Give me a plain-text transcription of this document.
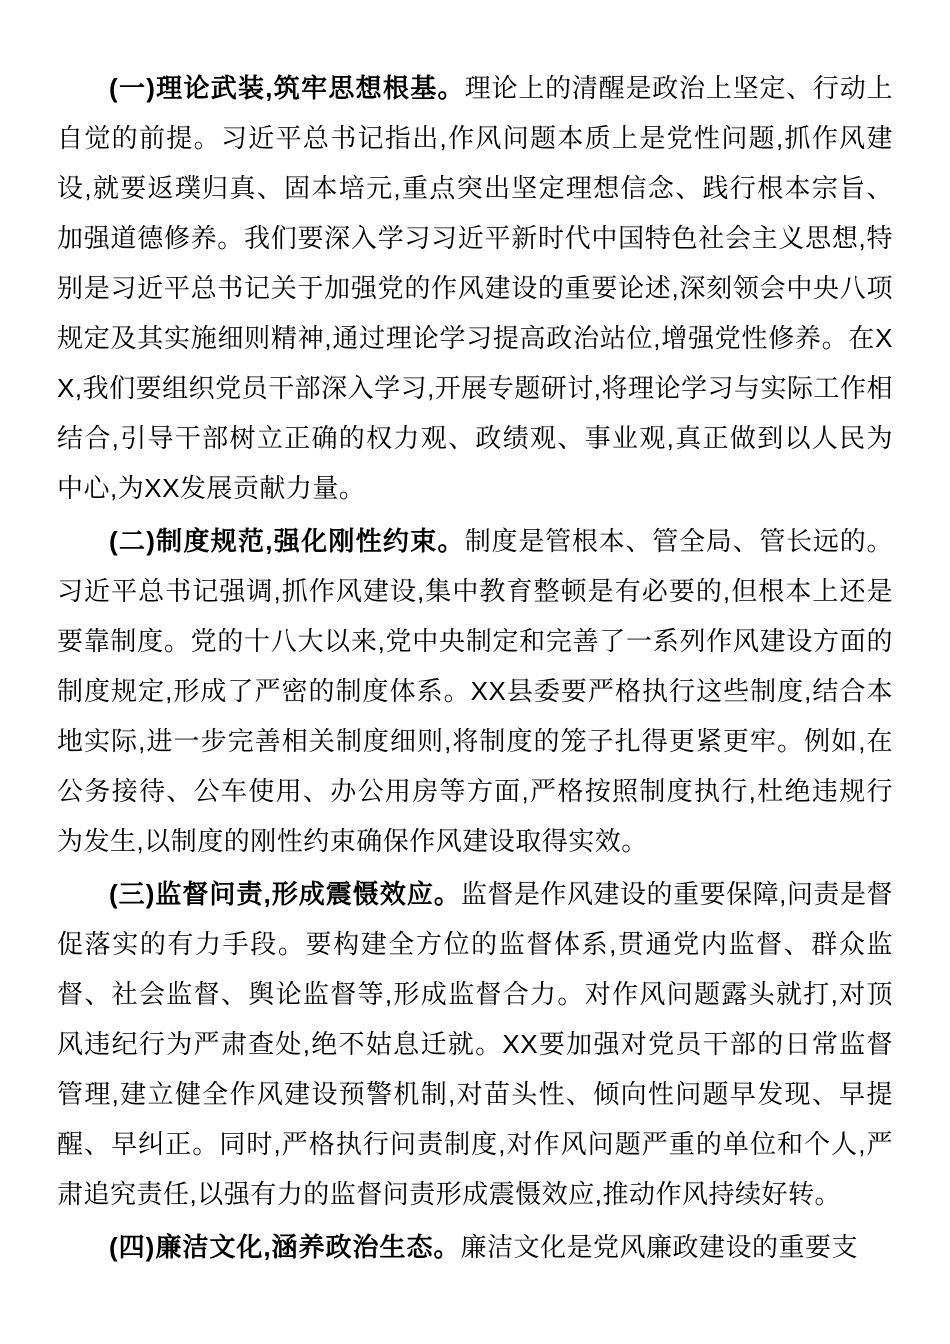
(一)理论武装,筑牢思想根基。理论上的清醒是政治上坚定、行动上自觉的前提。习近平总书记指出,作风问题本质上是党性问题,抓作风建设,就要返璞归真、固本培元,重点突出坚定理想信念、践行根本宗旨、加强道德修养。我们要深入学习习近平新时代中国特色社会主义思想,特别是习近平总书记关于加强党的作风建设的重要论述,深刻领会中央八项规定及其实施细则精神,通过理论学习提高政治站位,增强党性修养。在XX,我们要组织党员干部深入学习,开展专题研讨,将理论学习与实际工作相结合,引导干部树立正确的权力观、政绩观、事业观,真正做到以人民为中心,为XX发展贡献力量。

(二)制度规范,强化刚性约束。制度是管根本、管全局、管长远的。习近平总书记强调,抓作风建设,集中教育整顿是有必要的,但根本上还是要靠制度。党的十八大以来,党中央制定和完善了一系列作风建设方面的制度规定,形成了严密的制度体系。XX县委要严格执行这些制度,结合本地实际,进一步完善相关制度细则,将制度的笼子扎得更紧更牢。例如,在公务接待、公车使用、办公用房等方面,严格按照制度执行,杜绝违规行为发生,以制度的刚性约束确保作风建设取得实效。

(三)监督问责,形成震慑效应。监督是作风建设的重要保障,问责是督促落实的有力手段。要构建全方位的监督体系,贯通党内监督、群众监督、社会监督、舆论监督等,形成监督合力。对作风问题露头就打,对顶风违纪行为严肃查处,绝不姑息迁就。XX要加强对党员干部的日常监督管理,建立健全作风建设预警机制,对苗头性、倾向性问题早发现、早提醒、早纠正。同时,严格执行问责制度,对作风问题严重的单位和个人,严肃追究责任,以强有力的监督问责形成震慑效应,推动作风持续好转。

(四)廉洁文化,涵养政治生态。廉洁文化是党风廉政建设的重要支
